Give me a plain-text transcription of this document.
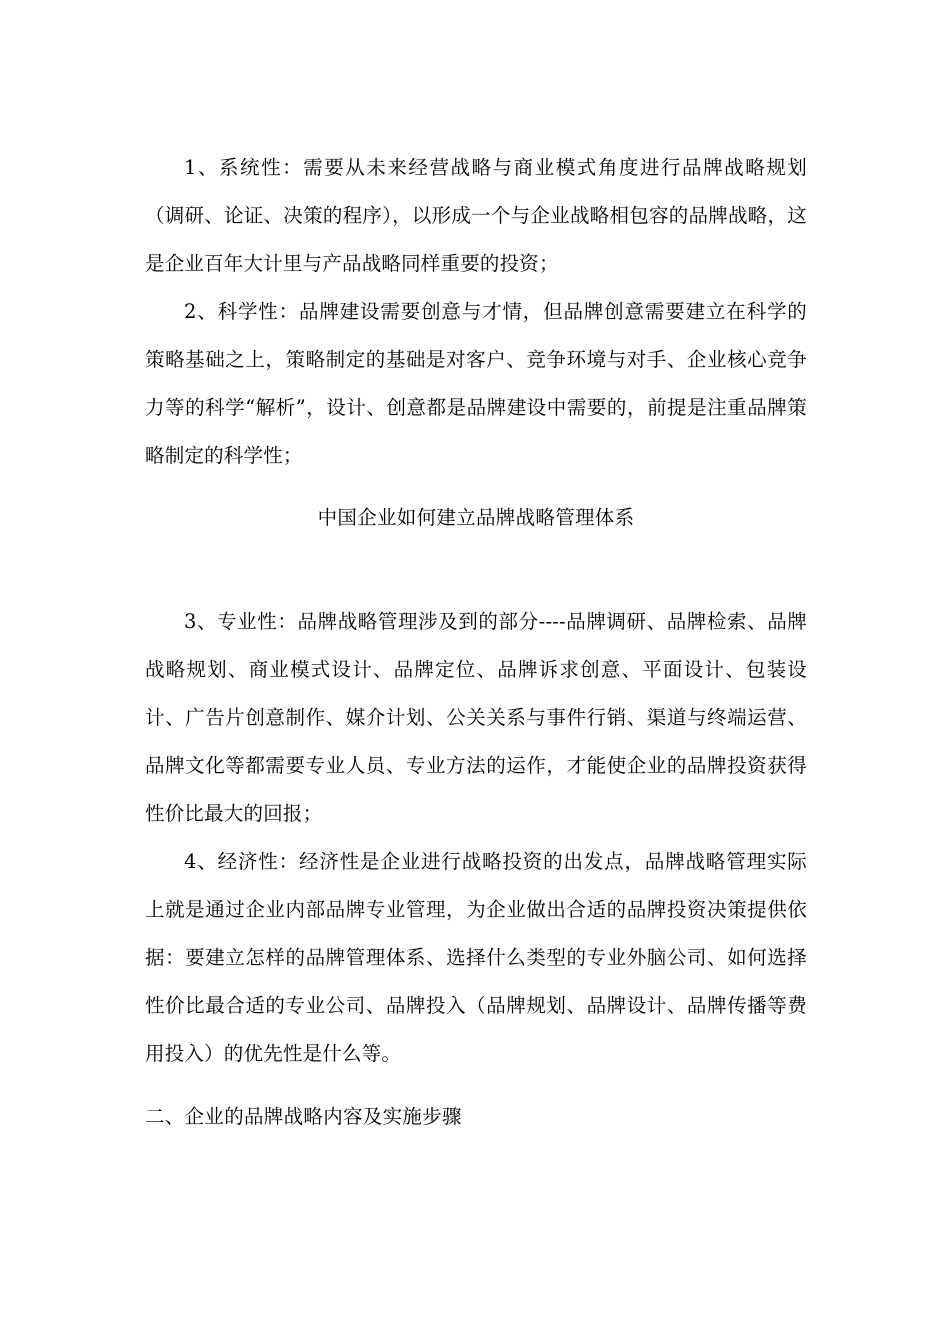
1、系统性：需要从未来经营战略与商业模式角度进行品牌战略规划（调研、论证、决策的程序），以形成一个与企业战略相包容的品牌战略，这是企业百年大计里与产品战略同样重要的投资；

2、科学性：品牌建设需要创意与才情，但品牌创意需要建立在科学的策略基础之上，策略制定的基础是对客户、竞争环境与对手、企业核心竞争力等的科学“解析”，设计、创意都是品牌建设中需要的，前提是注重品牌策略制定的科学性；

中国企业如何建立品牌战略管理体系

3、专业性：品牌战略管理涉及到的部分----品牌调研、品牌检索、品牌战略规划、商业模式设计、品牌定位、品牌诉求创意、平面设计、包装设计、广告片创意制作、媒介计划、公关关系与事件行销、渠道与终端运营、品牌文化等都需要专业人员、专业方法的运作，才能使企业的品牌投资获得性价比最大的回报；

4、经济性：经济性是企业进行战略投资的出发点，品牌战略管理实际上就是通过企业内部品牌专业管理，为企业做出合适的品牌投资决策提供依据：要建立怎样的品牌管理体系、选择什么类型的专业外脑公司、如何选择性价比最合适的专业公司、品牌投入（品牌规划、品牌设计、品牌传播等费用投入）的优先性是什么等。

二、企业的品牌战略内容及实施步骤
